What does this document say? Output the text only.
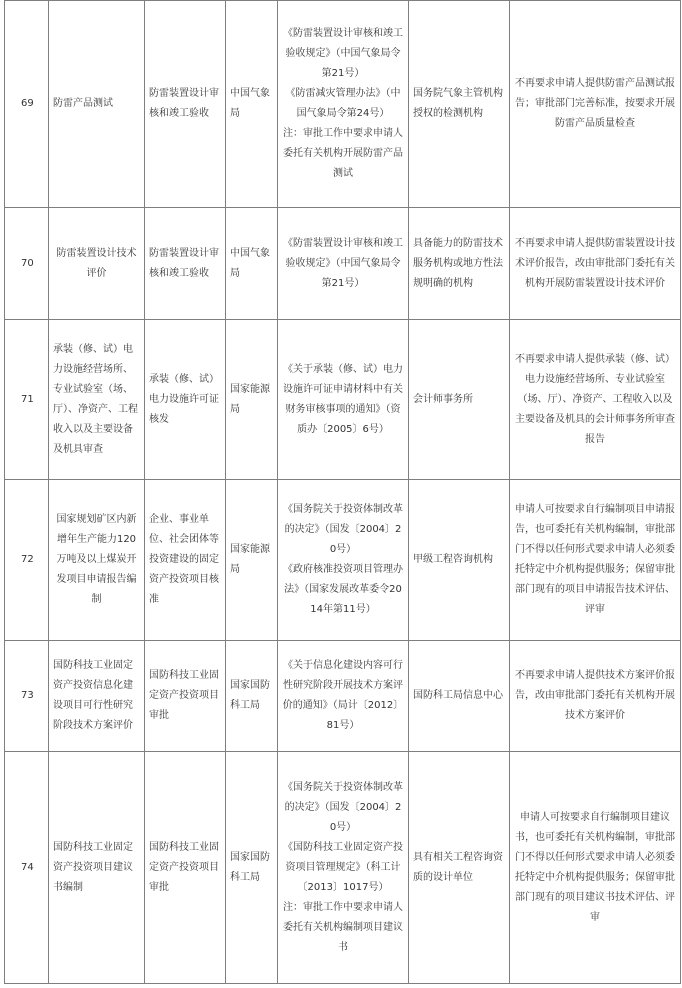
69	防雷产品测试	防雷装置设计审核和竣工验收	中国气象局	《防雷装置设计审核和竣工验收规定》（中国气象局令第21号）
《防雷减灾管理办法》（中国气象局令第24号）
注：审批工作中要求申请人委托有关机构开展防雷产品测试	国务院气象主管机构授权的检测机构	不再要求申请人提供防雷产品测试报告；审批部门完善标准，按要求开展防雷产品质量检查
70	防雷装置设计技术评价	防雷装置设计审核和竣工验收	中国气象局	《防雷装置设计审核和竣工验收规定》（中国气象局令第21号）	具备能力的防雷技术服务机构或地方性法规明确的机构	不再要求申请人提供防雷装置设计技术评价报告，改由审批部门委托有关机构开展防雷装置设计技术评价
71	承装（修、试）电力设施经营场所、专业试验室（场、厅）、净资产、工程收入以及主要设备及机具审查	承装（修、试）电力设施许可证核发	国家能源局	《关于承装（修、试）电力设施许可证申请材料中有关财务审核事项的通知》（资质办〔2005〕6号）	会计师事务所	不再要求申请人提供承装（修、试）电力设施经营场所、专业试验室（场、厅）、净资产、工程收入以及主要设备及机具的会计师事务所审查报告
72	国家规划矿区内新增年生产能力120万吨及以上煤炭开发项目申请报告编制	企业、事业单位、社会团体等投资建设的固定资产投资项目核准	国家能源局	《国务院关于投资体制改革的决定》（国发〔2004〕20号）
《政府核准投资项目管理办法》（国家发展改革委令2014年第11号）	甲级工程咨询机构	申请人可按要求自行编制项目申请报告，也可委托有关机构编制，审批部门不得以任何形式要求申请人必须委托特定中介机构提供服务；保留审批部门现有的项目申请报告技术评估、评审
73	国防科技工业固定资产投资信息化建设项目可行性研究阶段技术方案评价	国防科技工业固定资产投资项目审批	国家国防科工局	《关于信息化建设内容可行性研究阶段开展技术方案评价的通知》（局计〔2012〕81号）	国防科工局信息中心	不再要求申请人提供技术方案评价报告，改由审批部门委托有关机构开展技术方案评价
74	国防科技工业固定资产投资项目建议书编制	国防科技工业固定资产投资项目审批	国家国防科工局	《国务院关于投资体制改革的决定》（国发〔2004〕20号）
《国防科技工业固定资产投资项目管理规定》（科工计〔2013〕1017号）
注：审批工作中要求申请人委托有关机构编制项目建议书	具有相关工程咨询资质的设计单位	申请人可按要求自行编制项目建议书，也可委托有关机构编制，审批部门不得以任何形式要求申请人必须委托特定中介机构提供服务；保留审批部门现有的项目建议书技术评估、评审
